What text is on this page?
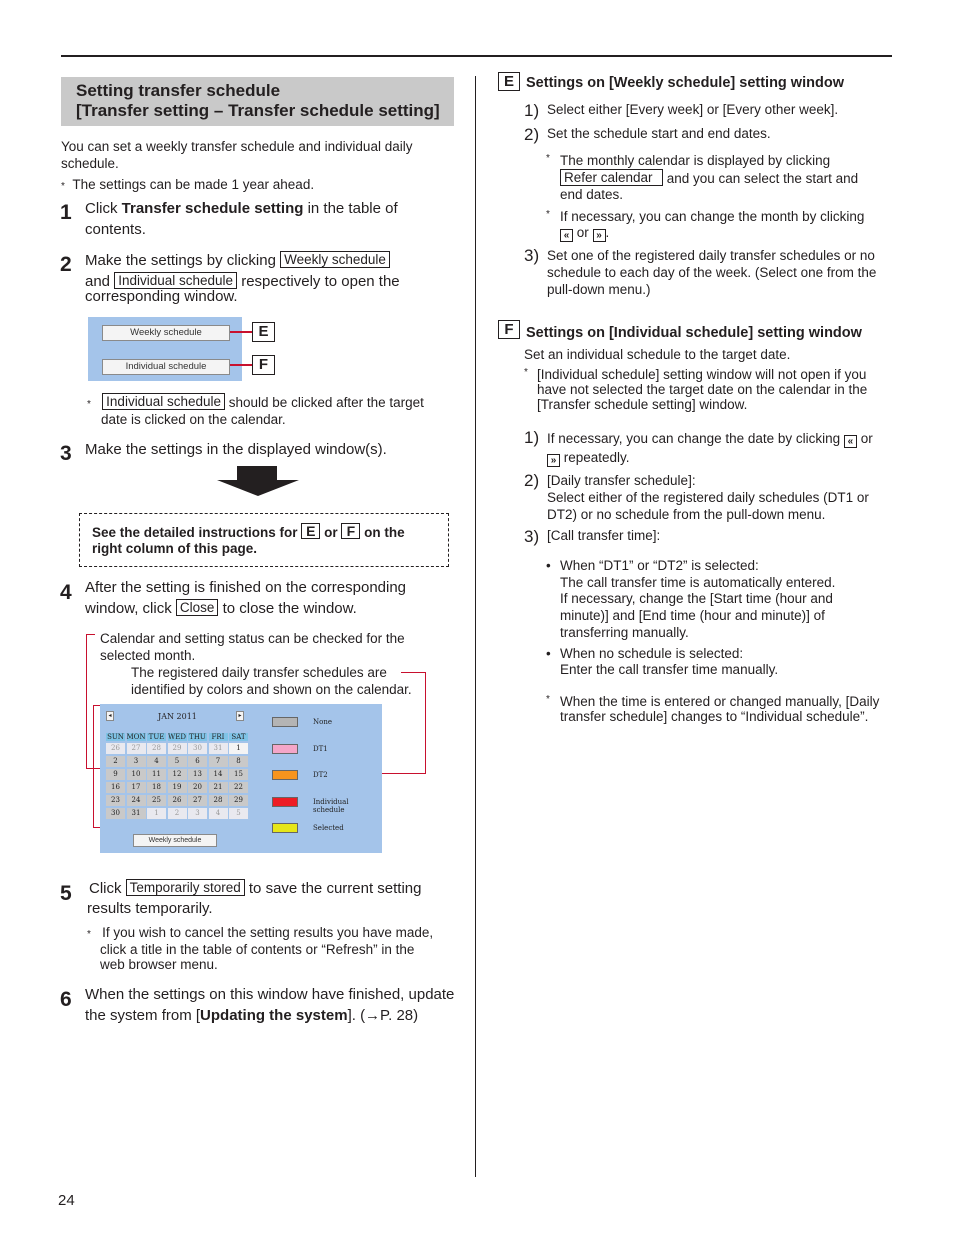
Setting transfer schedule
[Transfer setting – Transfer schedule setting]
You can set a weekly transfer schedule and individual daily schedule.
* The settings can be made 1 year ahead.
1 Click Transfer schedule setting in the table of
contents.
2 Make the settings by clicking Weekly schedule
and Individual schedule respectively to open the
corresponding window.
Weekly schedule
Individual schedule
E
F
* Individual schedule should be clicked after the target
date is clicked on the calendar.
3 Make the settings in the displayed window(s).
See the detailed instructions for E or F on the
right column of this page.
4 After the setting is finished on the corresponding
window, click Close to close the window.
Calendar and setting status can be checked for the
selected month.
The registered daily transfer schedules are
identified by colors and shown on the calendar.
◂	JAN 2011	▸
SUN MON TUE WED THU FRI SAT
26	27	28	29	30	31	1
2	3	4	5	6	7	8
9	10	11	12	13	14	15
16	17	18	19	20	21	22
23	24	25	26	27	28	29
30	31	1	2	3	4	5
None
DT1
DT2
Individual schedule
Selected
Weekly schedule
5 Click Temporarily stored to save the current setting
results temporarily.
* If you wish to cancel the setting results you have made,
click a title in the table of contents or “Refresh” in the
web browser menu.
6 When the settings on this window have finished, update
the system from [Updating the system]. (→P. 28)
E Settings on [Weekly schedule] setting window
1) Select either [Every week] or [Every other week].
2) Set the schedule start and end dates.
* The monthly calendar is displayed by clicking
Refer calendar and you can select the start and
end dates.
* If necessary, you can change the month by clicking
« or » .
3) Set one of the registered daily transfer schedules or no
schedule to each day of the week. (Select one from the
pull-down menu.)
F Settings on [Individual schedule] setting window
Set an individual schedule to the target date.
* [Individual schedule] setting window will not open if you
have not selected the target date on the calendar in the
[Transfer schedule setting] window.
1) If necessary, you can change the date by clicking « or
» repeatedly.
2) [Daily transfer schedule]:
Select either of the registered daily schedules (DT1 or
DT2) or no schedule from the pull-down menu.
3) [Call transfer time]:
• When “DT1” or “DT2” is selected:
The call transfer time is automatically entered.
If necessary, change the [Start time (hour and
minute)] and [End time (hour and minute)] of
transferring manually.
• When no schedule is selected:
Enter the call transfer time manually.
* When the time is entered or changed manually, [Daily
transfer schedule] changes to “Individual schedule”.
24
